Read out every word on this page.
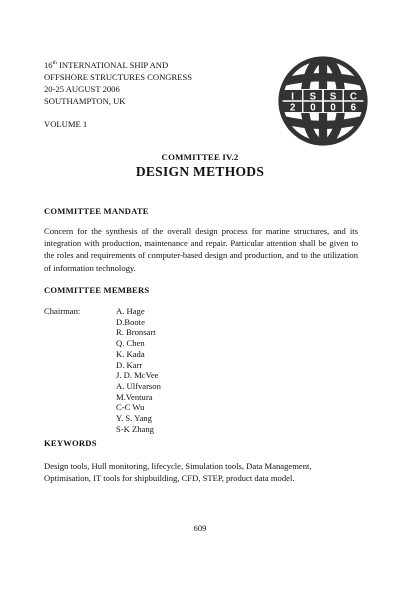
16th INTERNATIONAL SHIP AND
OFFSHORE STRUCTURES CONGRESS
20-25 AUGUST 2006
SOUTHAMPTON, UK
VOLUME 1
I S S C
2 0 0 6
COMMITTEE IV.2
DESIGN METHODS
COMMITTEE MANDATE
Concern for the synthesis of the overall design process for marine structures, and its integration with production, maintenance and repair. Particular attention shall be given to the roles and requirements of computer-based design and production, and to the utilization of information technology.
COMMITTEE MEMBERS
Chairman:	A. Hage
D.Boote
R. Bronsart
Q. Chen
K. Kada
D. Karr
J. D. McVee
A. Ulfvarson
M.Ventura
C-C Wu
Y. S. Yang
S-K Zhang
KEYWORDS
Design tools, Hull monitoring, lifecycle, Simulation tools, Data Management, Optimisation, IT tools for shipbuilding, CFD, STEP, product data model.
609
